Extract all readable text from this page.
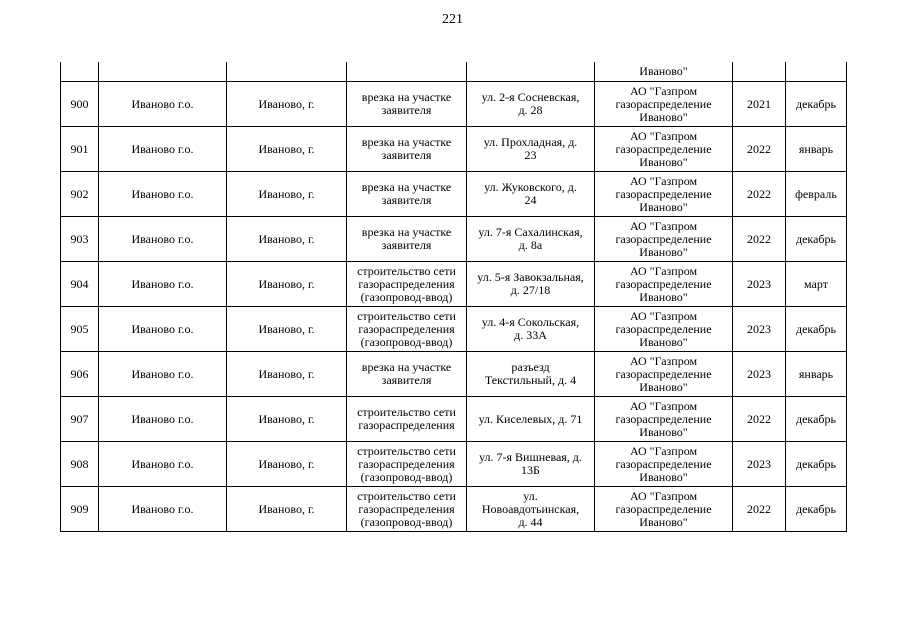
221
					Иваново"		
900	Иваново г.о.	Иваново, г.	врезка на участке
заявителя	ул. 2-я Сосневская,
д. 28	АО "Газпром
газораспределение
Иваново"	2021	декабрь
901	Иваново г.о.	Иваново, г.	врезка на участке
заявителя	ул. Прохладная, д.
23	АО "Газпром
газораспределение
Иваново"	2022	январь
902	Иваново г.о.	Иваново, г.	врезка на участке
заявителя	ул. Жуковского, д.
24	АО "Газпром
газораспределение
Иваново"	2022	февраль
903	Иваново г.о.	Иваново, г.	врезка на участке
заявителя	ул. 7-я Сахалинская,
д. 8а	АО "Газпром
газораспределение
Иваново"	2022	декабрь
904	Иваново г.о.	Иваново, г.	строительство сети
газораспределения
(газопровод-ввод)	ул. 5-я Завокзальная,
д. 27/18	АО "Газпром
газораспределение
Иваново"	2023	март
905	Иваново г.о.	Иваново, г.	строительство сети
газораспределения
(газопровод-ввод)	ул. 4-я Сокольская,
д. 33А	АО "Газпром
газораспределение
Иваново"	2023	декабрь
906	Иваново г.о.	Иваново, г.	врезка на участке
заявителя	разъезд
Текстильный, д. 4	АО "Газпром
газораспределение
Иваново"	2023	январь
907	Иваново г.о.	Иваново, г.	строительство сети
газораспределения	ул. Киселевых, д. 71	АО "Газпром
газораспределение
Иваново"	2022	декабрь
908	Иваново г.о.	Иваново, г.	строительство сети
газораспределения
(газопровод-ввод)	ул. 7-я Вишневая, д.
13Б	АО "Газпром
газораспределение
Иваново"	2023	декабрь
909	Иваново г.о.	Иваново, г.	строительство сети
газораспределения
(газопровод-ввод)	ул.
Новоавдотьинская,
д. 44	АО "Газпром
газораспределение
Иваново"	2022	декабрь
